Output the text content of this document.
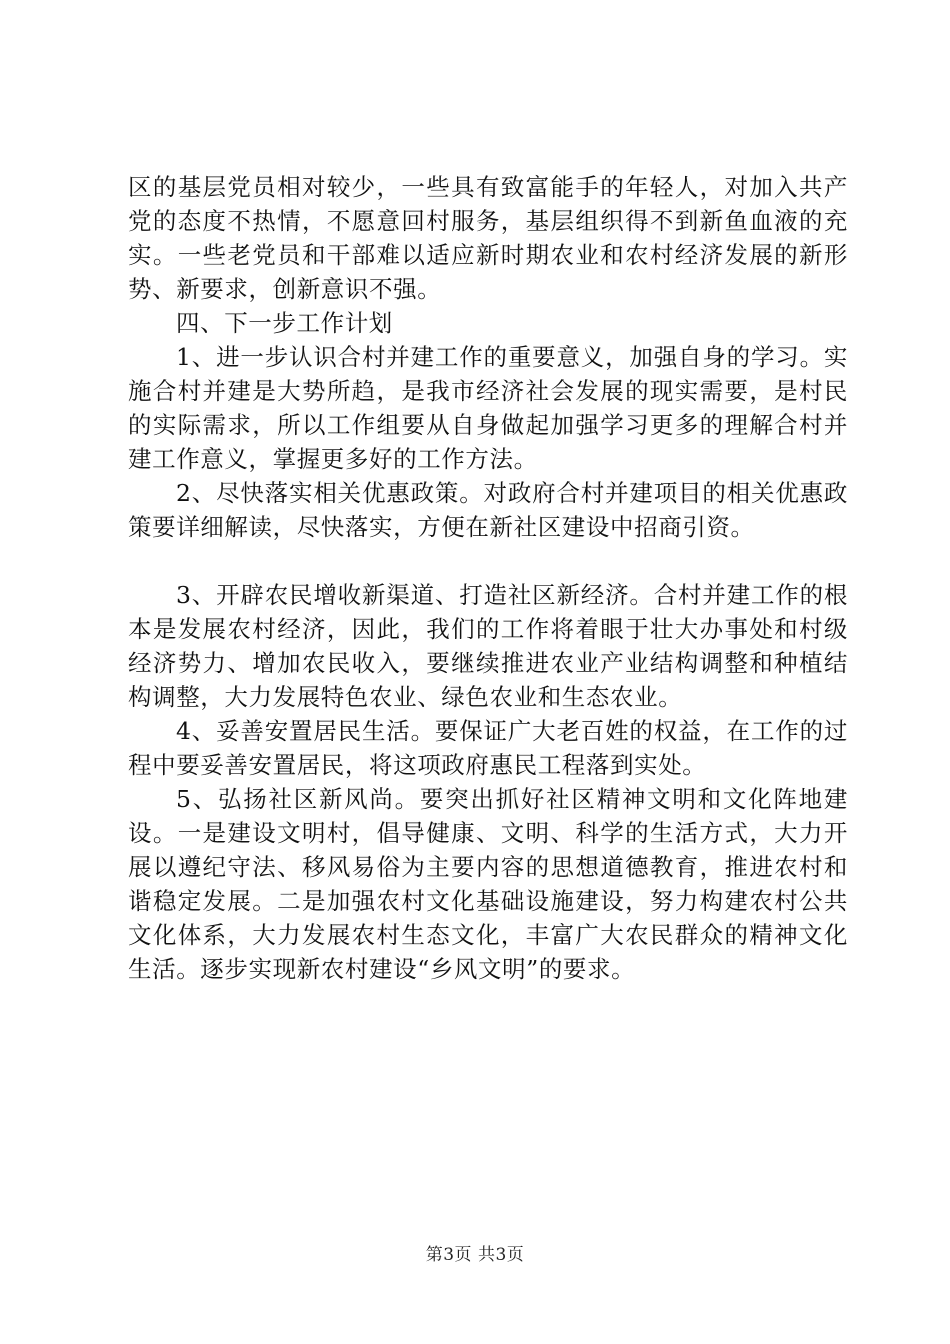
区的基层党员相对较少，一些具有致富能手的年轻人，对加入共产党的态度不热情，不愿意回村服务，基层组织得不到新鱼血液的充实。一些老党员和干部难以适应新时期农业和农村经济发展的新形势、新要求，创新意识不强。

四、下一步工作计划

1、进一步认识合村并建工作的重要意义，加强自身的学习。实施合村并建是大势所趋，是我市经济社会发展的现实需要，是村民的实际需求，所以工作组要从自身做起加强学习更多的理解合村并建工作意义，掌握更多好的工作方法。

2、尽快落实相关优惠政策。对政府合村并建项目的相关优惠政策要详细解读，尽快落实，方便在新社区建设中招商引资。

3、开辟农民增收新渠道、打造社区新经济。合村并建工作的根本是发展农村经济，因此，我们的工作将着眼于壮大办事处和村级经济势力、增加农民收入，要继续推进农业产业结构调整和种植结构调整，大力发展特色农业、绿色农业和生态农业。

4、妥善安置居民生活。要保证广大老百姓的权益，在工作的过程中要妥善安置居民，将这项政府惠民工程落到实处。

5、弘扬社区新风尚。要突出抓好社区精神文明和文化阵地建设。一是建设文明村，倡导健康、文明、科学的生活方式，大力开展以遵纪守法、移风易俗为主要内容的思想道德教育，推进农村和谐稳定发展。二是加强农村文化基础设施建设，努力构建农村公共文化体系，大力发展农村生态文化，丰富广大农民群众的精神文化生活。逐步实现新农村建设“乡风文明”的要求。

第3页 共3页
